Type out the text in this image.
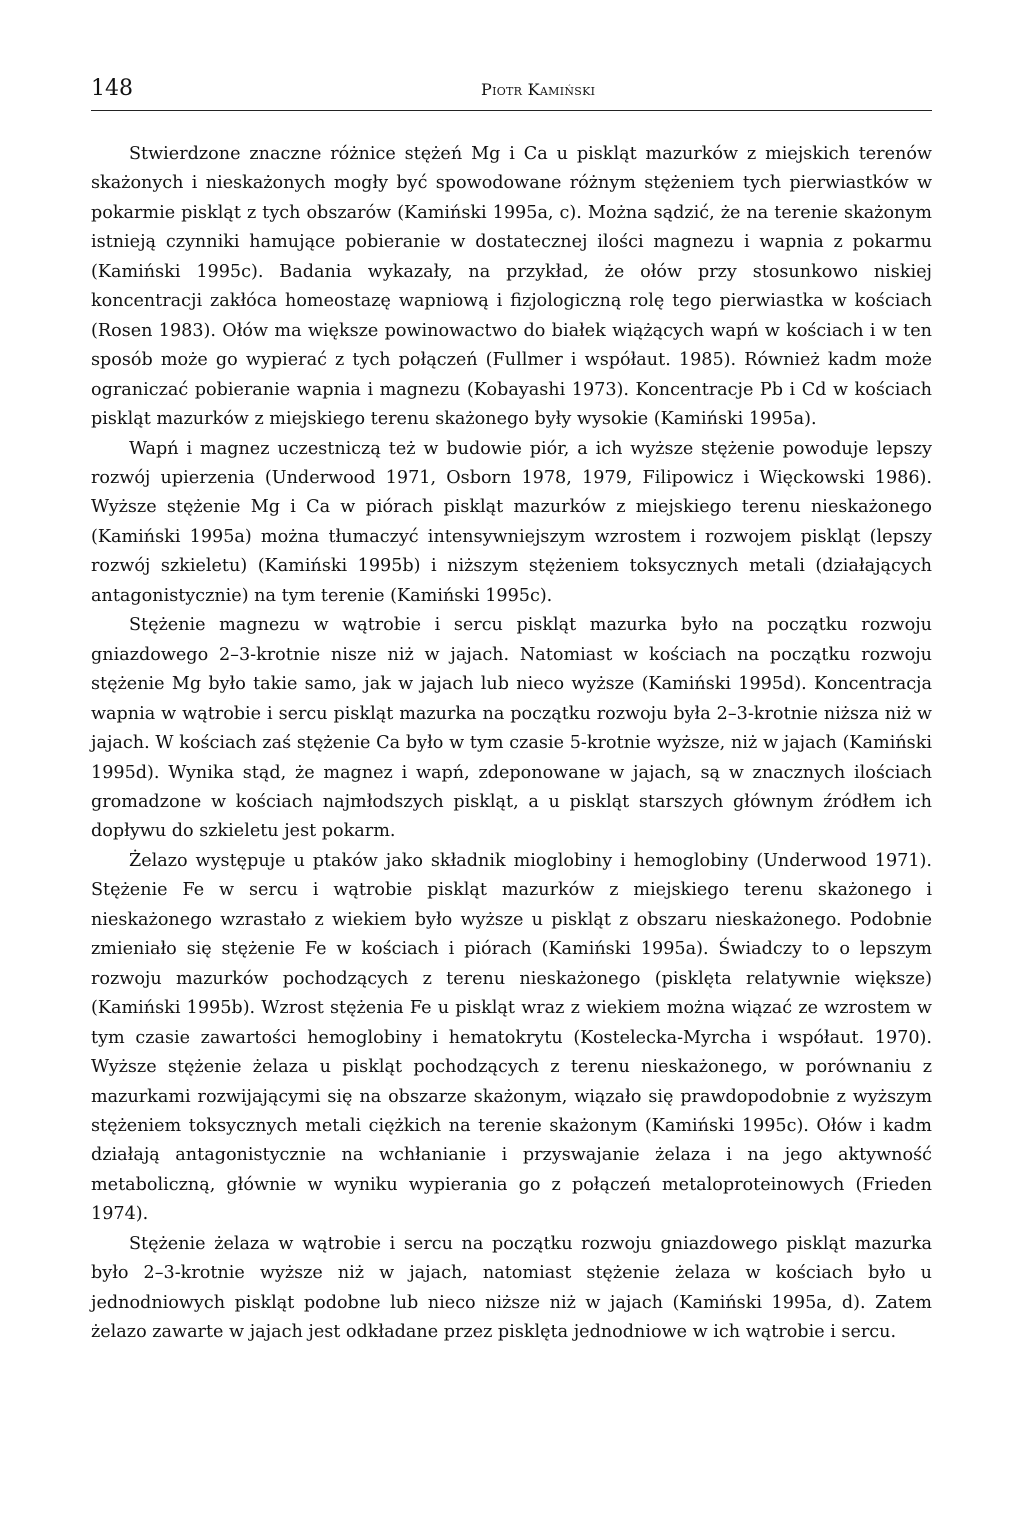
148	Piotr Kamiński

Stwierdzone znaczne różnice stężeń Mg i Ca u piskląt mazurków z miejskich terenów skażonych i nieskażonych mogły być spowodowane różnym stężeniem tych pierwiastków w pokarmie piskląt z tych obszarów (Kamiński 1995a, c). Można sądzić, że na terenie skażonym istnieją czynniki hamujące pobieranie w dostatecznej ilości magnezu i wapnia z pokarmu (Kamiński 1995c). Badania wykazały, na przykład, że ołów przy stosunkowo niskiej koncentracji zakłóca homeostazę wapniową i fizjologiczną rolę tego pierwiastka w kościach (Rosen 1983). Ołów ma większe powinowactwo do białek wiążących wapń w kościach i w ten sposób może go wypierać z tych połączeń (Fullmer i współaut. 1985). Również kadm może ograniczać pobieranie wapnia i magnezu (Kobayashi 1973). Koncentracje Pb i Cd w kościach piskląt mazurków z miejskiego terenu skażonego były wysokie (Kamiński 1995a).

Wapń i magnez uczestniczą też w budowie piór, a ich wyższe stężenie powoduje lepszy rozwój upierzenia (Underwood 1971, Osborn 1978, 1979, Filipowicz i Więckowski 1986). Wyższe stężenie Mg i Ca w piórach piskląt mazurków z miejskiego terenu nieskażonego (Kamiński 1995a) można tłumaczyć intensywniejszym wzrostem i rozwojem piskląt (lepszy rozwój szkieletu) (Kamiński 1995b) i niższym stężeniem toksycznych metali (działających antagonistycznie) na tym terenie (Kamiński 1995c).

Stężenie magnezu w wątrobie i sercu piskląt mazurka było na początku rozwoju gniazdowego 2–3-krotnie nisze niż w jajach. Natomiast w kościach na początku rozwoju stężenie Mg było takie samo, jak w jajach lub nieco wyższe (Kamiński 1995d). Koncentracja wapnia w wątrobie i sercu piskląt mazurka na początku rozwoju była 2–3-krotnie niższa niż w jajach. W kościach zaś stężenie Ca było w tym czasie 5-krotnie wyższe, niż w jajach (Kamiński 1995d). Wynika stąd, że magnez i wapń, zdeponowane w jajach, są w znacznych ilościach gromadzone w kościach najmłodszych piskląt, a u piskląt starszych głównym źródłem ich dopływu do szkieletu jest pokarm.

Żelazo występuje u ptaków jako składnik mioglobiny i hemoglobiny (Underwood 1971). Stężenie Fe w sercu i wątrobie piskląt mazurków z miejskiego terenu skażonego i nieskażonego wzrastało z wiekiem było wyższe u piskląt z obszaru nieskażonego. Podobnie zmieniało się stężenie Fe w kościach i piórach (Kamiński 1995a). Świadczy to o lepszym rozwoju mazurków pochodzących z terenu nieskażonego (pisklęta relatywnie większe) (Kamiński 1995b). Wzrost stężenia Fe u piskląt wraz z wiekiem można wiązać ze wzrostem w tym czasie zawartości hemoglobiny i hematokrytu (Kostelecka-Myrcha i współaut. 1970). Wyższe stężenie żelaza u piskląt pochodzących z terenu nieskażonego, w porównaniu z mazurkami rozwijającymi się na obszarze skażonym, wiązało się prawdopodobnie z wyższym stężeniem toksycznych metali ciężkich na terenie skażonym (Kamiński 1995c). Ołów i kadm działają antagonistycznie na wchłanianie i przyswajanie żelaza i na jego aktywność metaboliczną, głównie w wyniku wypierania go z połączeń metaloproteinowych (Frieden 1974).

Stężenie żelaza w wątrobie i sercu na początku rozwoju gniazdowego piskląt mazurka było 2–3-krotnie wyższe niż w jajach, natomiast stężenie żelaza w kościach było u jednodniowych piskląt podobne lub nieco niższe niż w jajach (Kamiński 1995a, d). Zatem żelazo zawarte w jajach jest odkładane przez pisklęta jednodniowe w ich wątrobie i sercu.
